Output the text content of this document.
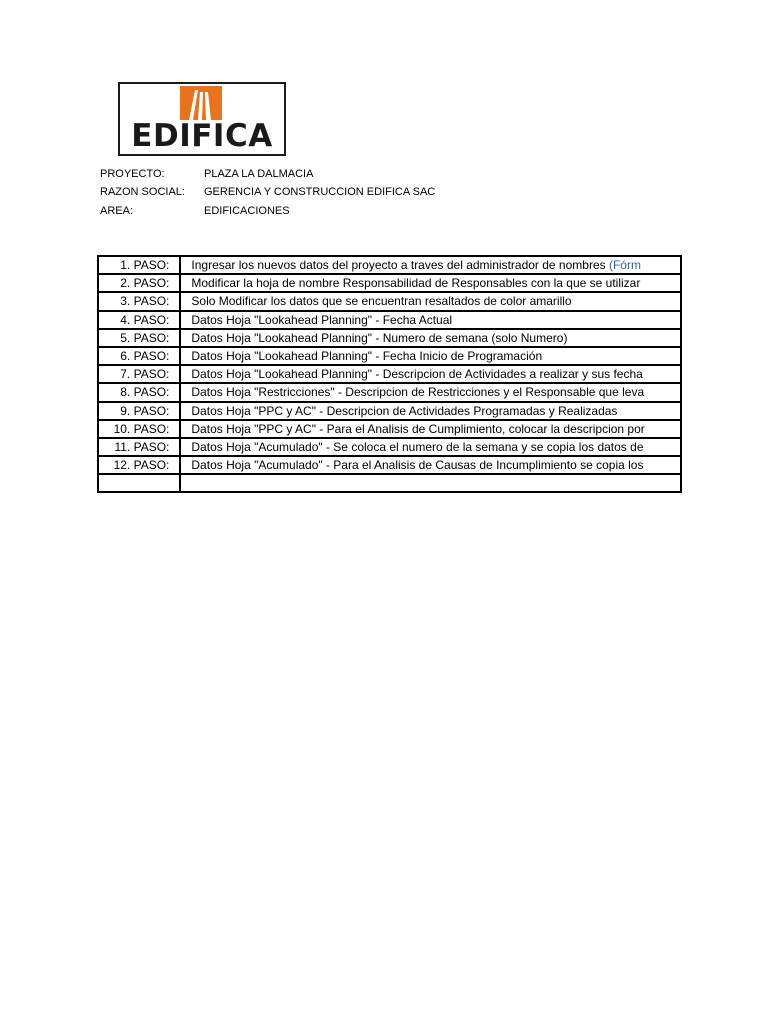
EDIFICA
PROYECTO:	PLAZA LA DALMACIA
RAZON SOCIAL: GERENCIA Y CONSTRUCCION EDIFICA SAC
AREA:	EDIFICACIONES
1. PASO:	Ingresar los nuevos datos del proyecto a traves del administrador de nombres (Fórm
2. PASO:	Modificar la hoja de nombre Responsabilidad de Responsables con la que se utilizar
3. PASO:	Solo Modificar los datos que se encuentran resaltados de color amarillo
4. PASO:	Datos Hoja "Lookahead Planning" - Fecha Actual
5. PASO:	Datos Hoja "Lookahead Planning" - Numero de semana (solo Numero)
6. PASO:	Datos Hoja "Lookahead Planning" - Fecha Inicio de Programación
7. PASO:	Datos Hoja "Lookahead Planning" - Descripcion de Actividades a realizar y sus fecha
8. PASO:	Datos Hoja "Restricciones" - Descripcion de Restricciones y el Responsable que leva
9. PASO:	Datos Hoja "PPC y AC" - Descripcion de Actividades Programadas y Realizadas
10. PASO:	Datos Hoja "PPC y AC" - Para el Analisis de Cumplimiento, colocar la descripcion por
11. PASO:	Datos Hoja "Acumulado" - Se coloca el numero de la semana y se copia los datos de
12. PASO:	Datos Hoja "Acumulado" - Para el Analisis de Causas de Incumplimiento se copia los
